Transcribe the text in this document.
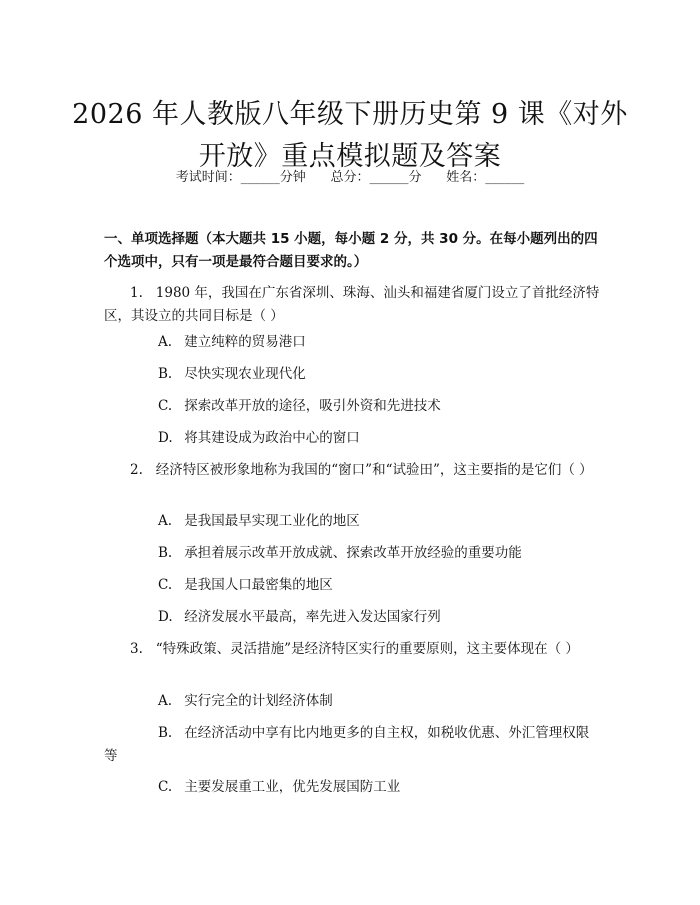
2026 年人教版八年级下册历史第 9 课《对外开放》重点模拟题及答案
考试时间：______分钟      总分：______分      姓名：______
一、单项选择题（本大题共 15 小题，每小题 2 分，共 30 分。在每小题列出的四个选项中，只有一项是最符合题目要求的。）
1. 1980 年，我国在广东省深圳、珠海、汕头和福建省厦门设立了首批经济特区，其设立的共同目标是（ ）
A. 建立纯粹的贸易港口
B. 尽快实现农业现代化
C. 探索改革开放的途径，吸引外资和先进技术
D. 将其建设成为政治中心的窗口
2. 经济特区被形象地称为我国的“窗口”和“试验田”，这主要指的是它们（ ）
A. 是我国最早实现工业化的地区
B. 承担着展示改革开放成就、探索改革开放经验的重要功能
C. 是我国人口最密集的地区
D. 经济发展水平最高，率先进入发达国家行列
3. “特殊政策、灵活措施”是经济特区实行的重要原则，这主要体现在（ ）
A. 实行完全的计划经济体制
B. 在经济活动中享有比内地更多的自主权，如税收优惠、外汇管理权限等
C. 主要发展重工业，优先发展国防工业
